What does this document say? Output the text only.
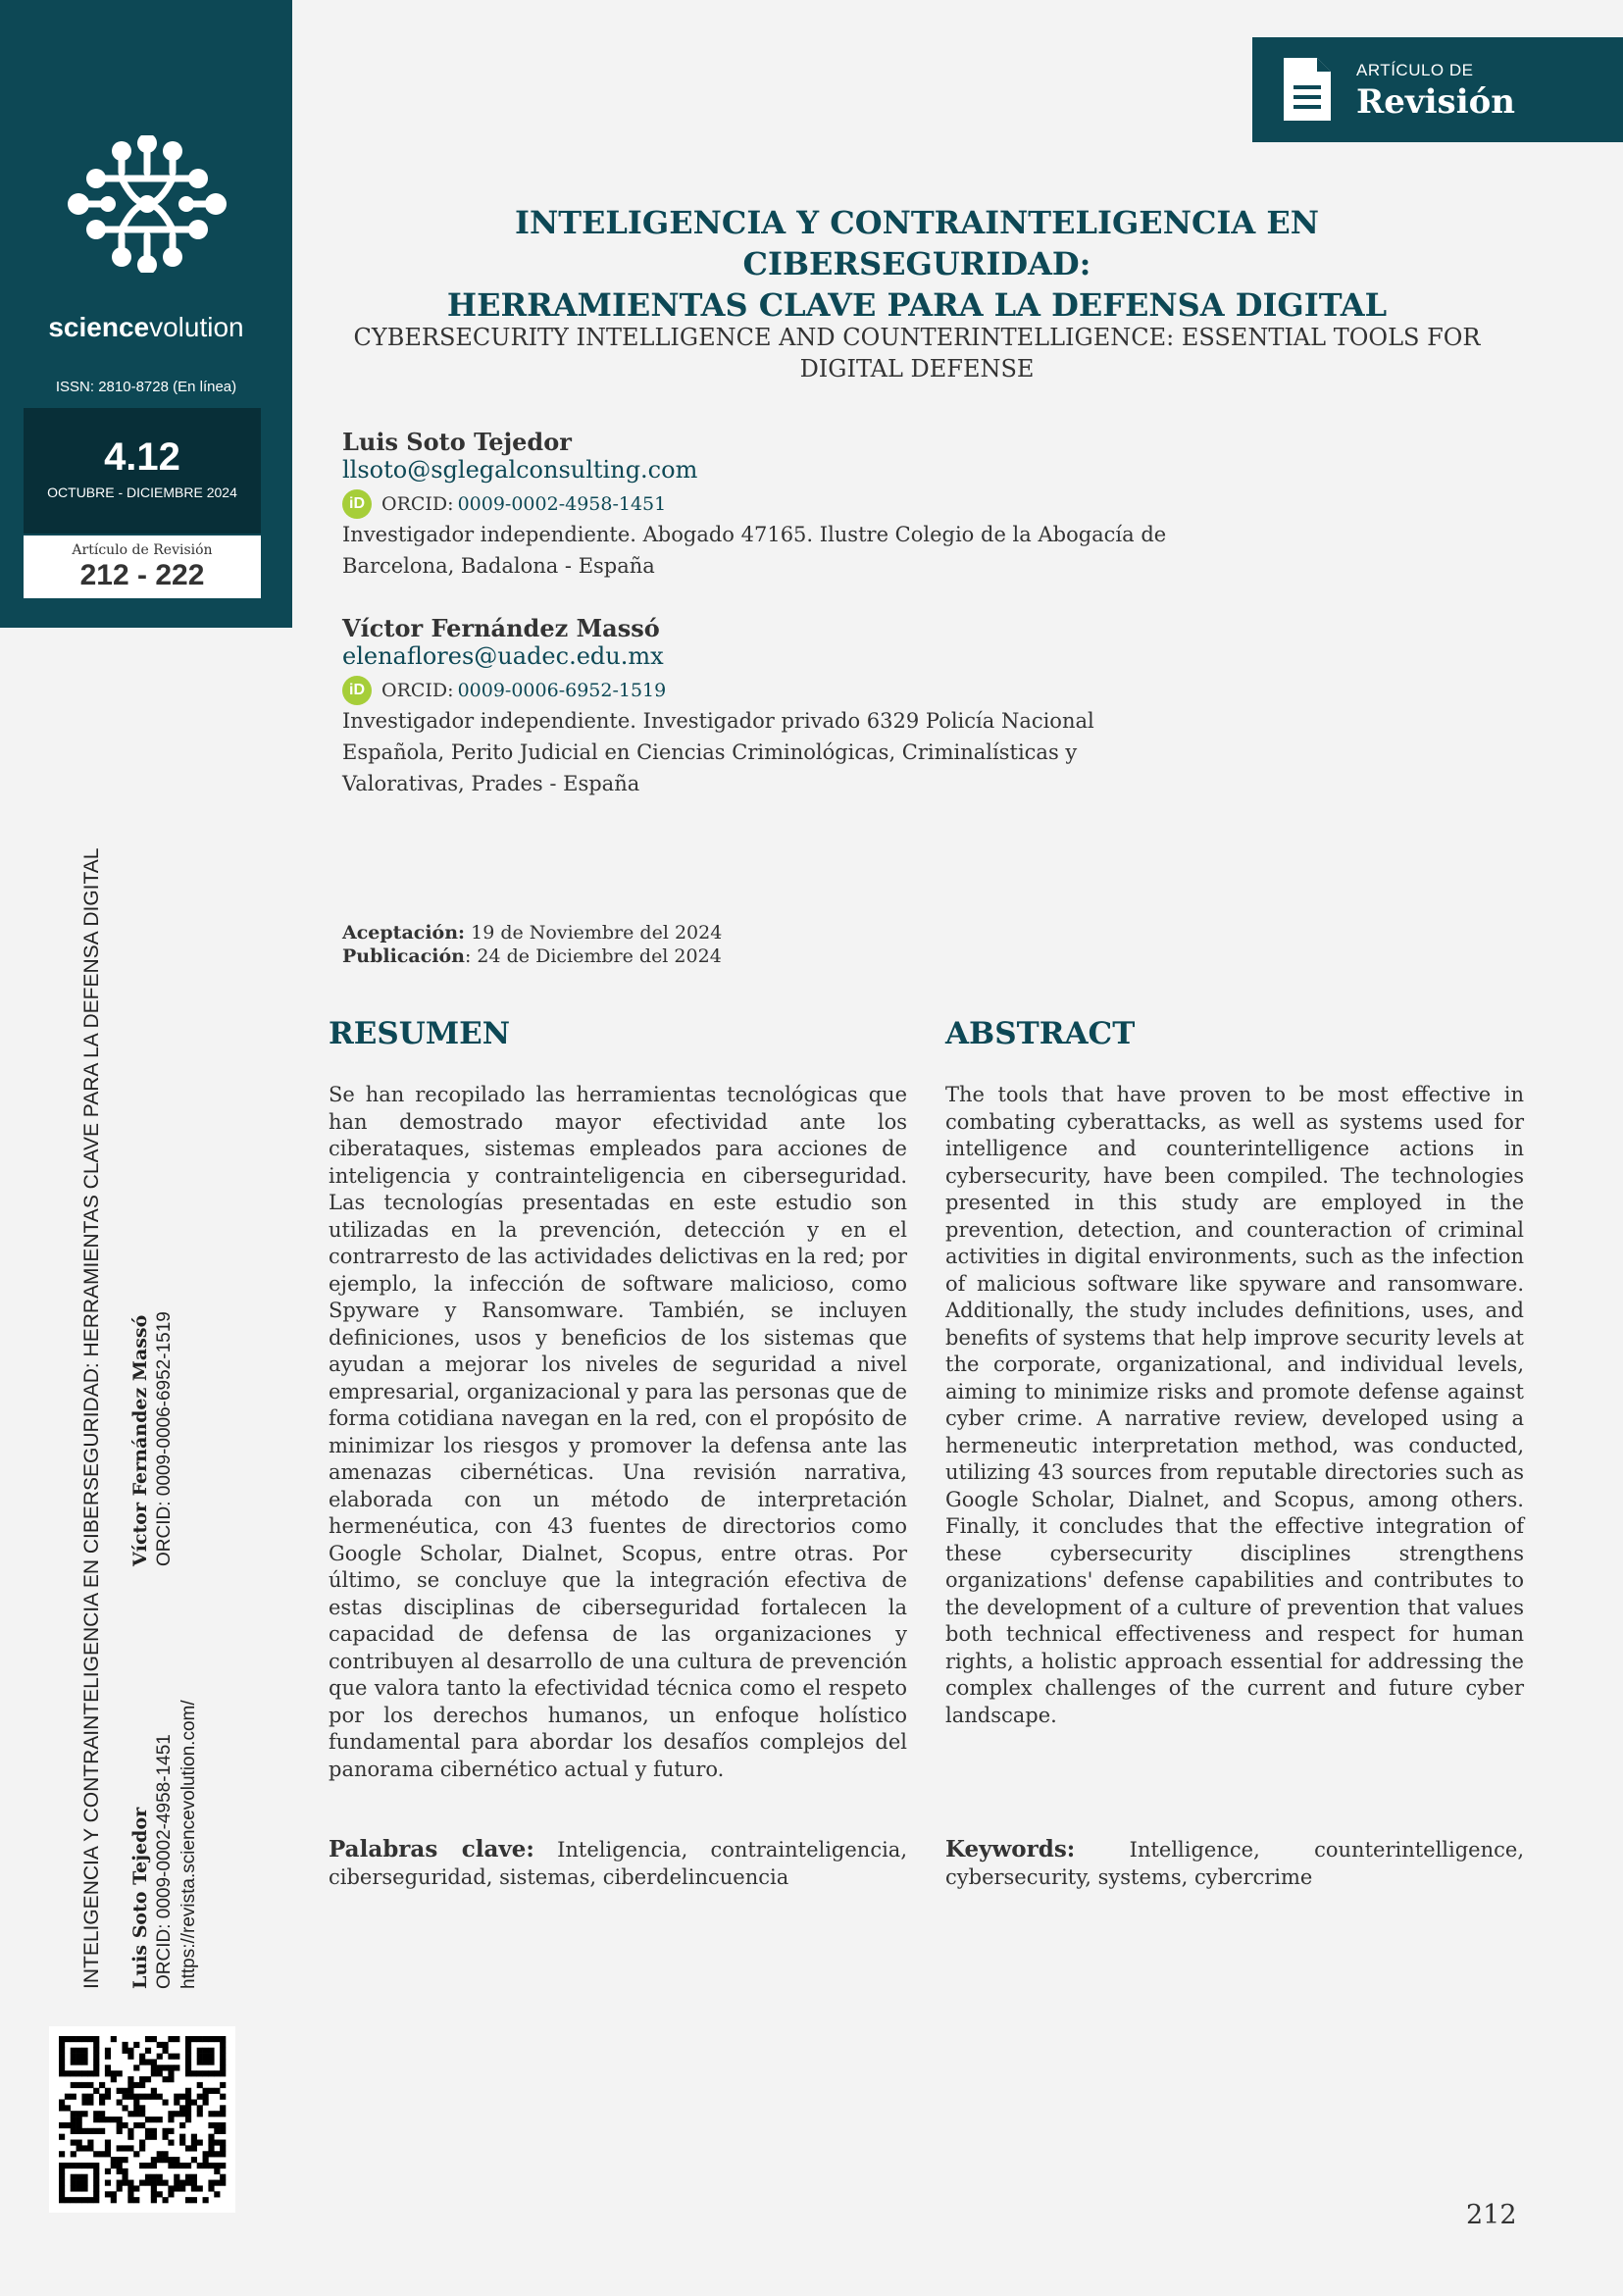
sciencevolution
ISSN: 2810-8728 (En línea)
4.12
OCTUBRE - DICIEMBRE 2024
Artículo de Revisión
212 - 222
ARTÍCULO DE
Revisión
INTELIGENCIA Y CONTRAINTELIGENCIA EN CIBERSEGURIDAD:
HERRAMIENTAS CLAVE PARA LA DEFENSA DIGITAL
CYBERSECURITY INTELLIGENCE AND COUNTERINTELLIGENCE: ESSENTIAL TOOLS FOR
DIGITAL DEFENSE
Luis Soto Tejedor
llsoto@sglegalconsulting.com
iD ORCID: 0009-0002-4958-1451
Investigador independiente. Abogado 47165. Ilustre Colegio de la Abogacía de
Barcelona, Badalona - España
Víctor Fernández Massó
elenaflores@uadec.edu.mx
iD ORCID: 0009-0006-6952-1519
Investigador independiente. Investigador privado 6329 Policía Nacional
Española, Perito Judicial en Ciencias Criminológicas, Criminalísticas y
Valorativas, Prades - España
Aceptación: 19 de Noviembre del 2024
Publicación: 24 de Diciembre del 2024
RESUMEN

Se han recopilado las herramientas tecnológicas que han demostrado mayor efectividad ante los ciberataques, sistemas empleados para acciones de inteligencia y contrainteligencia en ciberseguridad. Las tecnologías presentadas en este estudio son utilizadas en la prevención, detección y en el contrarresto de las actividades delictivas en la red; por ejemplo, la infección de software malicioso, como Spyware y Ransomware. También, se incluyen definiciones, usos y beneficios de los sistemas que ayudan a mejorar los niveles de seguridad a nivel empresarial, organizacional y para las personas que de forma cotidiana navegan en la red, con el propósito de minimizar los riesgos y promover la defensa ante las amenazas cibernéticas. Una revisión narrativa, elaborada con un método de interpretación hermenéutica, con 43 fuentes de directorios como Google Scholar, Dialnet, Scopus, entre otras. Por último, se concluye que la integración efectiva de estas disciplinas de ciberseguridad fortalecen la capacidad de defensa de las organizaciones y contribuyen al desarrollo de una cultura de prevención que valora tanto la efectividad técnica como el respeto por los derechos humanos, un enfoque holístico fundamental para abordar los desafíos complejos del panorama cibernético actual y futuro.

Palabras clave: Inteligencia, contrainteligencia, ciberseguridad, sistemas, ciberdelincuencia
ABSTRACT

The tools that have proven to be most effective in combating cyberattacks, as well as systems used for intelligence and counterintelligence actions in cybersecurity, have been compiled. The technologies presented in this study are employed in the prevention, detection, and counteraction of criminal activities in digital environments, such as the infection of malicious software like spyware and ransomware. Additionally, the study includes definitions, uses, and benefits of systems that help improve security levels at the corporate, organizational, and individual levels, aiming to minimize risks and promote defense against cyber crime. A narrative review, developed using a hermeneutic interpretation method, was conducted, utilizing 43 sources from reputable directories such as Google Scholar, Dialnet, and Scopus, among others. Finally, it concludes that the effective integration of these cybersecurity disciplines strengthens organizations' defense capabilities and contributes to the development of a culture of prevention that values both technical effectiveness and respect for human rights, a holistic approach essential for addressing the complex challenges of the current and future cyber landscape.

Keywords: Intelligence, counterintelligence, cybersecurity, systems, cybercrime
INTELIGENCIA Y CONTRAINTELIGENCIA EN CIBERSEGURIDAD: HERRAMIENTAS CLAVE PARA LA DEFENSA DIGITAL Luis Soto Tejedor ORCID: 0009-0002-4958-1451 https://revista.sciencevolution.com/
Víctor Fernández Massó ORCID: 0009-0006-6952-1519
212
